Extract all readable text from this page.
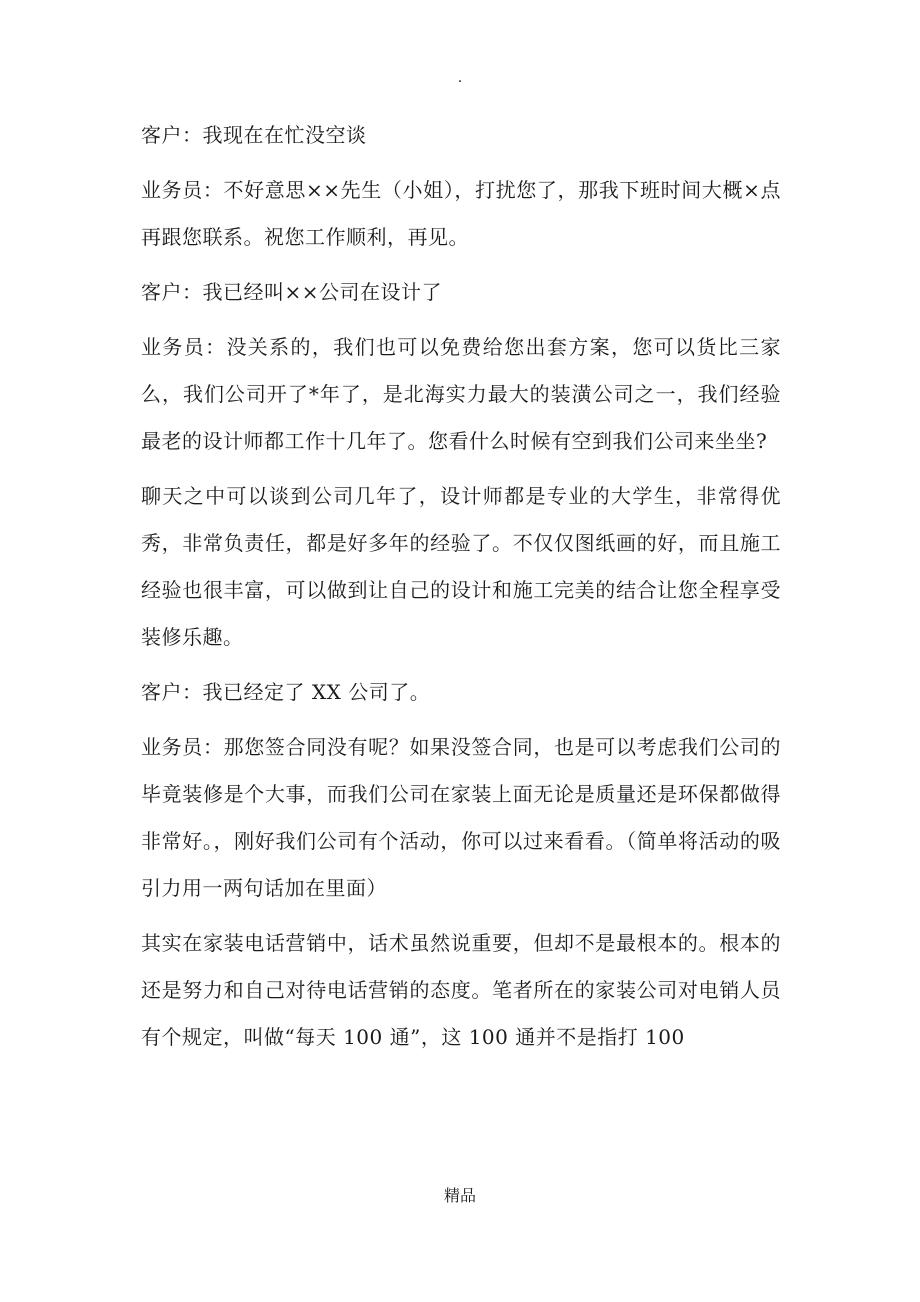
.

客户：我现在在忙没空谈

业务员：不好意思××先生（小姐），打扰您了，那我下班时间大概×点再跟您联系。祝您工作顺利，再见。

客户：我已经叫××公司在设计了

业务员：没关系的，我们也可以免费给您出套方案，您可以货比三家么，我们公司开了*年了，是北海实力最大的装潢公司之一，我们经验最老的设计师都工作十几年了。您看什么时候有空到我们公司来坐坐?

聊天之中可以谈到公司几年了，设计师都是专业的大学生，非常得优秀，非常负责任，都是好多年的经验了。不仅仅图纸画的好，而且施工经验也很丰富，可以做到让自己的设计和施工完美的结合让您全程享受装修乐趣。

客户：我已经定了 XX 公司了。

业务员：那您签合同没有呢？如果没签合同，也是可以考虑我们公司的毕竟装修是个大事，而我们公司在家装上面无论是质量还是环保都做得非常好。，刚好我们公司有个活动，你可以过来看看。（简单将活动的吸引力用一两句话加在里面）

其实在家装电话营销中，话术虽然说重要，但却不是最根本的。根本的还是努力和自己对待电话营销的态度。笔者所在的家装公司对电销人员有个规定，叫做“每天 100 通”，这 100 通并不是指打 100

精品
